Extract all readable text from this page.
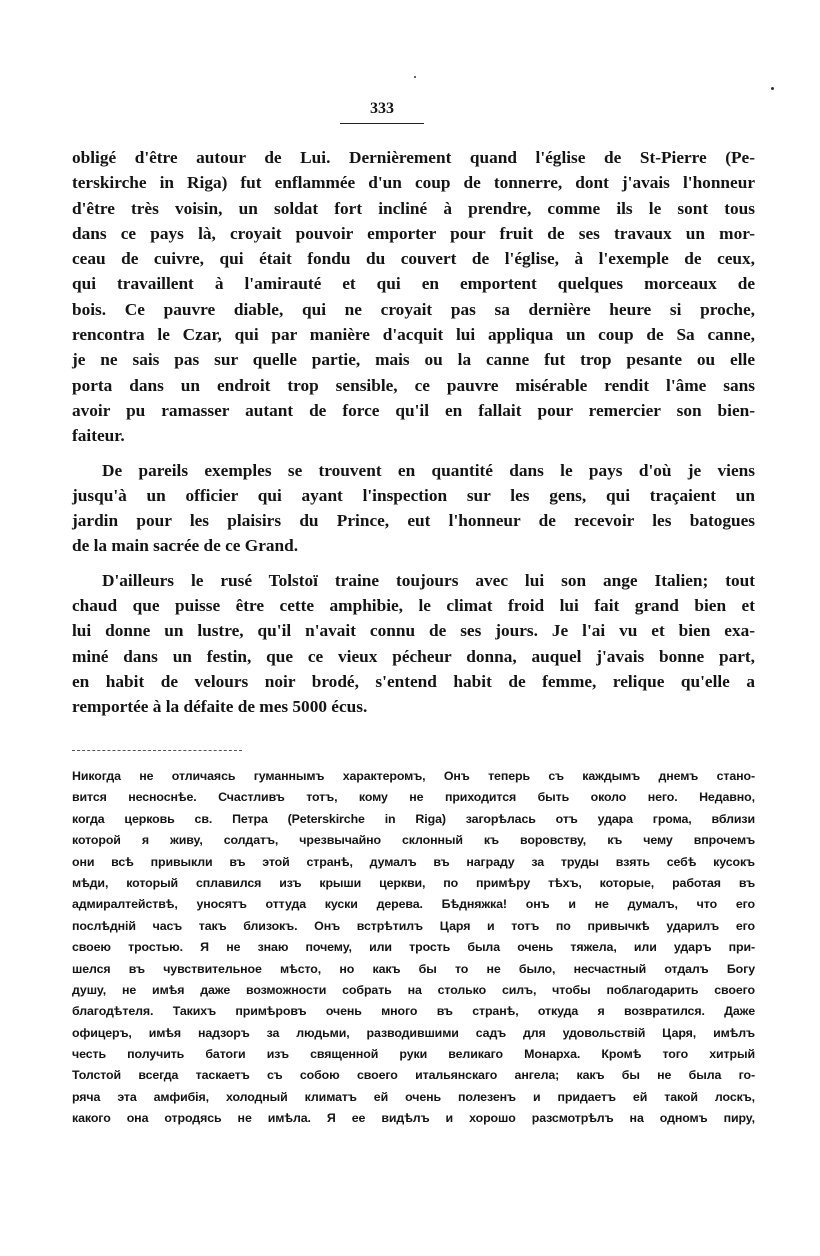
333
obligé d'être autour de Lui. Dernièrement quand l'église de St-Pierre (Pe-
terskirche in Riga) fut enflammée d'un coup de tonnerre, dont j'avais l'honneur
d'être très voisin, un soldat fort incliné à prendre, comme ils le sont tous
dans ce pays là, croyait pouvoir emporter pour fruit de ses travaux un mor-
ceau de cuivre, qui était fondu du couvert de l'église, à l'exemple de ceux,
qui travaillent à l'amirauté et qui en emportent quelques morceaux de
bois. Ce pauvre diable, qui ne croyait pas sa dernière heure si proche,
rencontra le Czar, qui par manière d'acquit lui appliqua un coup de Sa canne,
je ne sais pas sur quelle partie, mais ou la canne fut trop pesante ou elle
porta dans un endroit trop sensible, ce pauvre misérable rendit l'âme sans
avoir pu ramasser autant de force qu'il en fallait pour remercier son bien-
faiteur.
De pareils exemples se trouvent en quantité dans le pays d'où je viens
jusqu'à un officier qui ayant l'inspection sur les gens, qui traçaient un
jardin pour les plaisirs du Prince, eut l'honneur de recevoir les batogues
de la main sacrée de ce Grand.
D'ailleurs le rusé Tolstoï traine toujours avec lui son ange Italien; tout
chaud que puisse être cette amphibie, le climat froid lui fait grand bien et
lui donne un lustre, qu'il n'avait connu de ses jours. Je l'ai vu et bien exa-
miné dans un festin, que ce vieux pécheur donna, auquel j'avais bonne part,
en habit de velours noir brodé, s'entend habit de femme, relique qu'elle a
remportée à la défaite de mes 5000 écus.
Никогда не отличаясь гуманнымъ характеромъ, Онъ теперь съ каждымъ днемъ стано-
вится несноснѣе. Счастливъ тотъ, кому не приходится быть около него. Недавно,
когда церковь св. Петра (Peterskirche in Riga) загорѣлась отъ удара грома, вблизи
которой я живу, солдатъ, чрезвычайно склонный къ воровству, къ чему впрочемъ
они всѣ привыкли въ этой странѣ, думалъ въ награду за труды взять себѣ кусокъ
мѣди, который сплавился изъ крыши церкви, по примѣру тѣхъ, которые, работая въ
адмиралтействѣ, уносятъ оттуда куски дерева. Бѣдняжка! онъ и не думалъ, что его
послѣднiй часъ такъ близокъ. Онъ встрѣтилъ Царя и тотъ по привычкѣ ударилъ его
своею тростью. Я не знаю почему, или трость была очень тяжела, или ударъ при-
шелся въ чувствительное мѣсто, но какъ бы то не было, несчастный отдалъ Богу
душу, не имѣя даже возможности собрать на столько силъ, чтобы поблагодарить своего
благодѣтеля. Такихъ примѣровъ очень много въ странѣ, откуда я возвратился. Даже
офицеръ, имѣя надзоръ за людьми, разводившими садъ для удовольствiй Царя, имѣлъ
честь получить батоги изъ священной руки великаго Монарха. Кромѣ того хитрый
Толстой всегда таскаетъ съ собою своего итальянскаго ангела; какъ бы не была го-
ряча эта амфибiя, холодный климатъ ей очень полезенъ и придаетъ ей такой лоскъ,
какого она отродясь не имѣла. Я ее видѣлъ и хорошо разсмотрѣлъ на одномъ пиру,
